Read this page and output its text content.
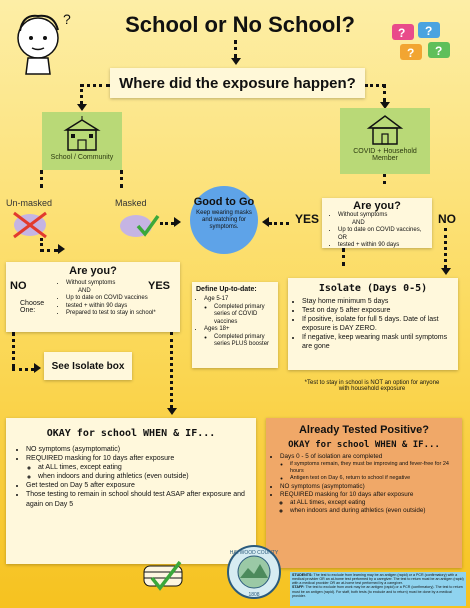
?	School or No School?	? ?
? ?
Where did the exposure happen?
School / Community
COVID + Household Member
Un-masked	Masked	Good to Go
Keep wearing masks and watching for symptoms.
YES	NO
Are you?
• Without symptoms
AND
• Up to date on COVID vaccines, OR
• tested + within 90 days
Are you?
NO	YES
Choose One:
• Without symptoms
AND
• Up to date on COVID vaccines
• tested + within 90 days
• Prepared to test to stay in school*
See Isolate box
Define Up-to-date:
• Age 5-17
◦ Completed primary series of COVID vaccines
• Ages 18+
◦ Completed primary series PLUS booster
Isolate (Days 0-5)
• Stay home minimum 5 days
• Test on day 5 after exposure
• If positive, isolate for full 5 days. Date of last exposure is DAY ZERO.
• If negative, keep wearing mask until symptoms are gone
*Test to stay in school is NOT an option for anyone with household exposure
OKAY for school WHEN & IF...
• NO symptoms (asymptomatic)
• REQUIRED masking for 10 days after exposure
◦ at ALL times, except eating
◦ when indoors and during athletics (even outside)
• Get tested on Day 5 after exposure
• Those testing to remain in school should test ASAP after exposure and again on Day 5
Already Tested Positive?
OKAY for school WHEN & IF...
• Days 0 - 5 of isolation are completed
◦ if symptoms remain, they must be improving and fever-free for 24 hours
◦ Antigen test on Day 6, return to school if negative
• NO symptoms (asymptomatic)
• REQUIRED masking for 10 days after exposure
◦ at ALL times, except eating
◦ when indoors and during athletics (even outside)
HAYWOOD COUNTY
1808
STUDENTS: The test to exclude from learning may be an antigen (rapid) or a PCR (confirmatory) with a medical provider OR an at-home test performed by a caregiver. The test to return must be an antigen (rapid) with a medical provider OR an at-home test performed by a caregiver.
STAFF: The test to exclude from work may be an antigen (rapid) or a PCR (confirmatory). The test to return must be an antigen (rapid). For staff, both tests (to exclude and to return) must be done by a medical provider.
